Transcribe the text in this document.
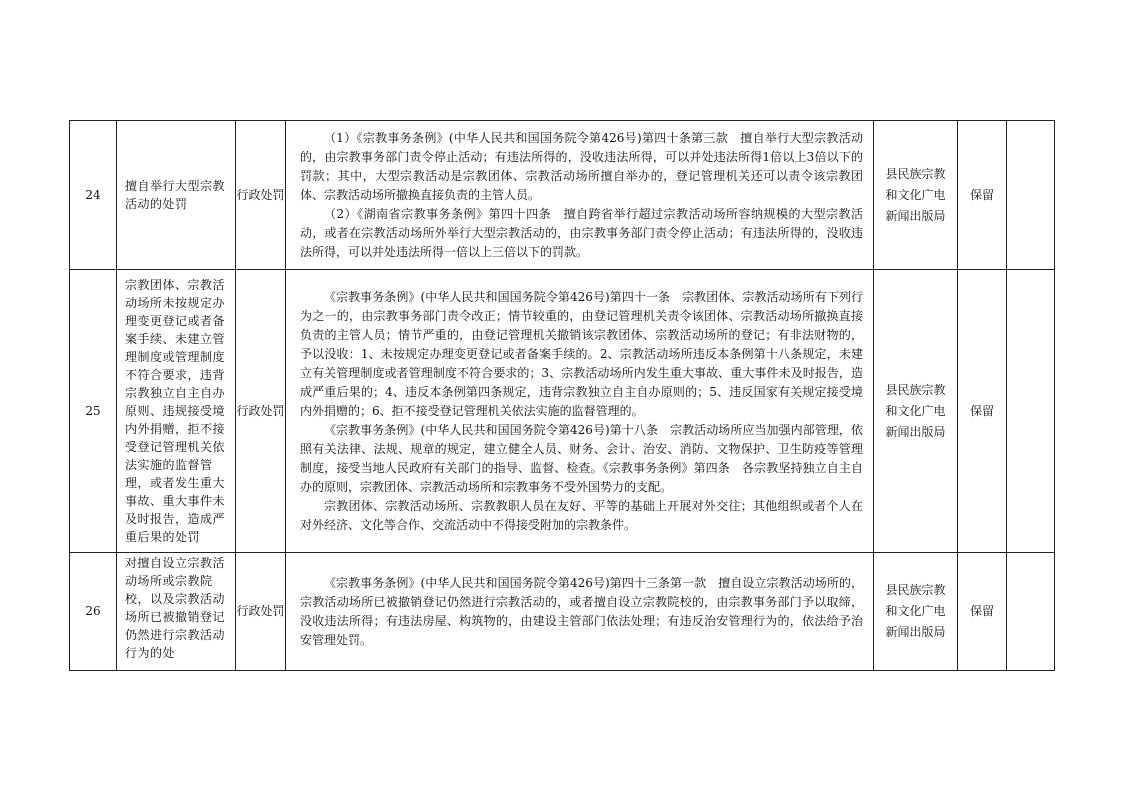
24	擅自举行大型宗教活动的处罚	行政处罚	（1）《宗教事务条例》(中华人民共和国国务院令第426号)第四十条第三款　擅自举行大型宗教活动的，由宗教事务部门责令停止活动；有违法所得的，没收违法所得，可以并处违法所得1倍以上3倍以下的罚款；其中，大型宗教活动是宗教团体、宗教活动场所擅自举办的，登记管理机关还可以责令该宗教团体、宗教活动场所撤换直接负责的主管人员。

（2）《湖南省宗教事务条例》第四十四条　擅自跨省举行超过宗教活动场所容纳规模的大型宗教活动，或者在宗教活动场所外举行大型宗教活动的，由宗教事务部门责令停止活动；有违法所得的，没收违法所得，可以并处违法所得一倍以上三倍以下的罚款。	县民族宗教和文化广电新闻出版局	保留	
25	宗教团体、宗教活动场所未按规定办理变更登记或者备案手续、未建立管理制度或管理制度不符合要求，违背宗教独立自主自办原则、违规接受境内外捐赠，拒不接受登记管理机关依法实施的监督管理，或者发生重大事故、重大事件未及时报告，造成严重后果的处罚	行政处罚	《宗教事务条例》(中华人民共和国国务院令第426号)第四十一条　宗教团体、宗教活动场所有下列行为之一的，由宗教事务部门责令改正；情节较重的，由登记管理机关责令该团体、宗教活动场所撤换直接负责的主管人员；情节严重的，由登记管理机关撤销该宗教团体、宗教活动场所的登记；有非法财物的，予以没收：1、未按规定办理变更登记或者备案手续的。2、宗教活动场所违反本条例第十八条规定，未建立有关管理制度或者管理制度不符合要求的；3、宗教活动场所内发生重大事故、重大事件未及时报告，造成严重后果的；4、违反本条例第四条规定，违背宗教独立自主自办原则的；5、违反国家有关规定接受境内外捐赠的；6、拒不接受登记管理机关依法实施的监督管理的。

《宗教事务条例》(中华人民共和国国务院令第426号)第十八条　宗教活动场所应当加强内部管理，依照有关法律、法规、规章的规定，建立健全人员、财务、会计、治安、消防、文物保护、卫生防疫等管理制度，接受当地人民政府有关部门的指导、监督、检查。《宗教事务条例》第四条　各宗教坚持独立自主自办的原则，宗教团体、宗教活动场所和宗教事务不受外国势力的支配。

宗教团体、宗教活动场所、宗教教职人员在友好、平等的基础上开展对外交往；其他组织或者个人在对外经济、文化等合作、交流活动中不得接受附加的宗教条件。	县民族宗教和文化广电新闻出版局	保留	
26	对擅自设立宗教活动场所或宗教院校，以及宗教活动场所已被撤销登记仍然进行宗教活动行为的处	行政处罚	《宗教事务条例》(中华人民共和国国务院令第426号)第四十三条第一款　擅自设立宗教活动场所的，宗教活动场所已被撤销登记仍然进行宗教活动的，或者擅自设立宗教院校的，由宗教事务部门予以取缔，没收违法所得；有违法房屋、构筑物的，由建设主管部门依法处理；有违反治安管理行为的，依法给予治安管理处罚。	县民族宗教和文化广电新闻出版局	保留	
